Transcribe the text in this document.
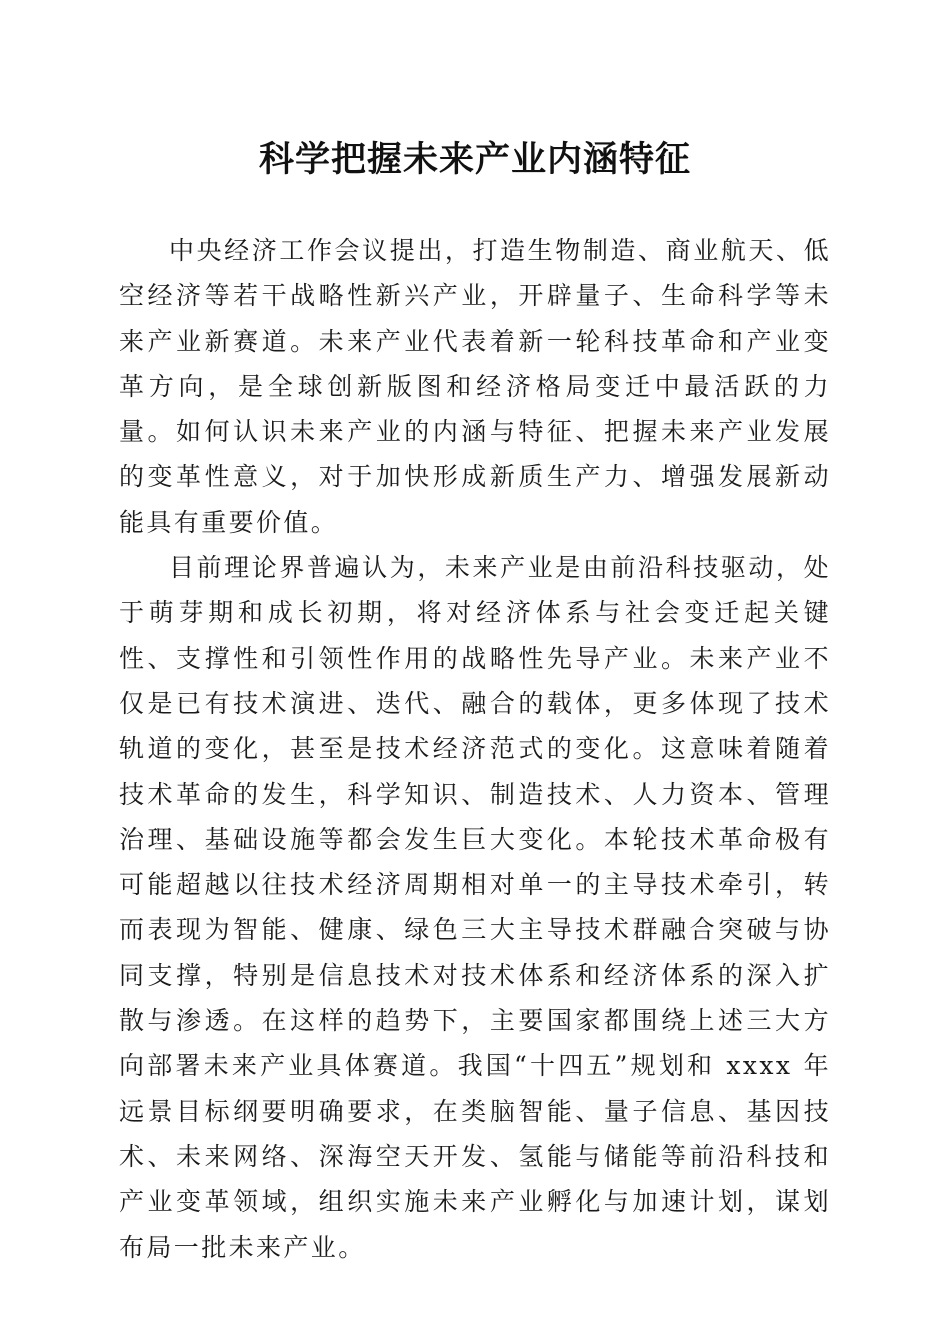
科学把握未来产业内涵特征

中央经济工作会议提出，打造生物制造、商业航天、低空经济等若干战略性新兴产业，开辟量子、生命科学等未来产业新赛道。未来产业代表着新一轮科技革命和产业变革方向，是全球创新版图和经济格局变迁中最活跃的力量。如何认识未来产业的内涵与特征、把握未来产业发展的变革性意义，对于加快形成新质生产力、增强发展新动能具有重要价值。

目前理论界普遍认为，未来产业是由前沿科技驱动，处于萌芽期和成长初期，将对经济体系与社会变迁起关键性、支撑性和引领性作用的战略性先导产业。未来产业不仅是已有技术演进、迭代、融合的载体，更多体现了技术轨道的变化，甚至是技术经济范式的变化。这意味着随着技术革命的发生，科学知识、制造技术、人力资本、管理治理、基础设施等都会发生巨大变化。本轮技术革命极有可能超越以往技术经济周期相对单一的主导技术牵引，转而表现为智能、健康、绿色三大主导技术群融合突破与协同支撑，特别是信息技术对技术体系和经济体系的深入扩散与渗透。在这样的趋势下，主要国家都围绕上述三大方向部署未来产业具体赛道。我国“十四五”规划和 xxxx 年远景目标纲要明确要求，在类脑智能、量子信息、基因技术、未来网络、深海空天开发、氢能与储能等前沿科技和产业变革领域，组织实施未来产业孵化与加速计划，谋划布局一批未来产业。
